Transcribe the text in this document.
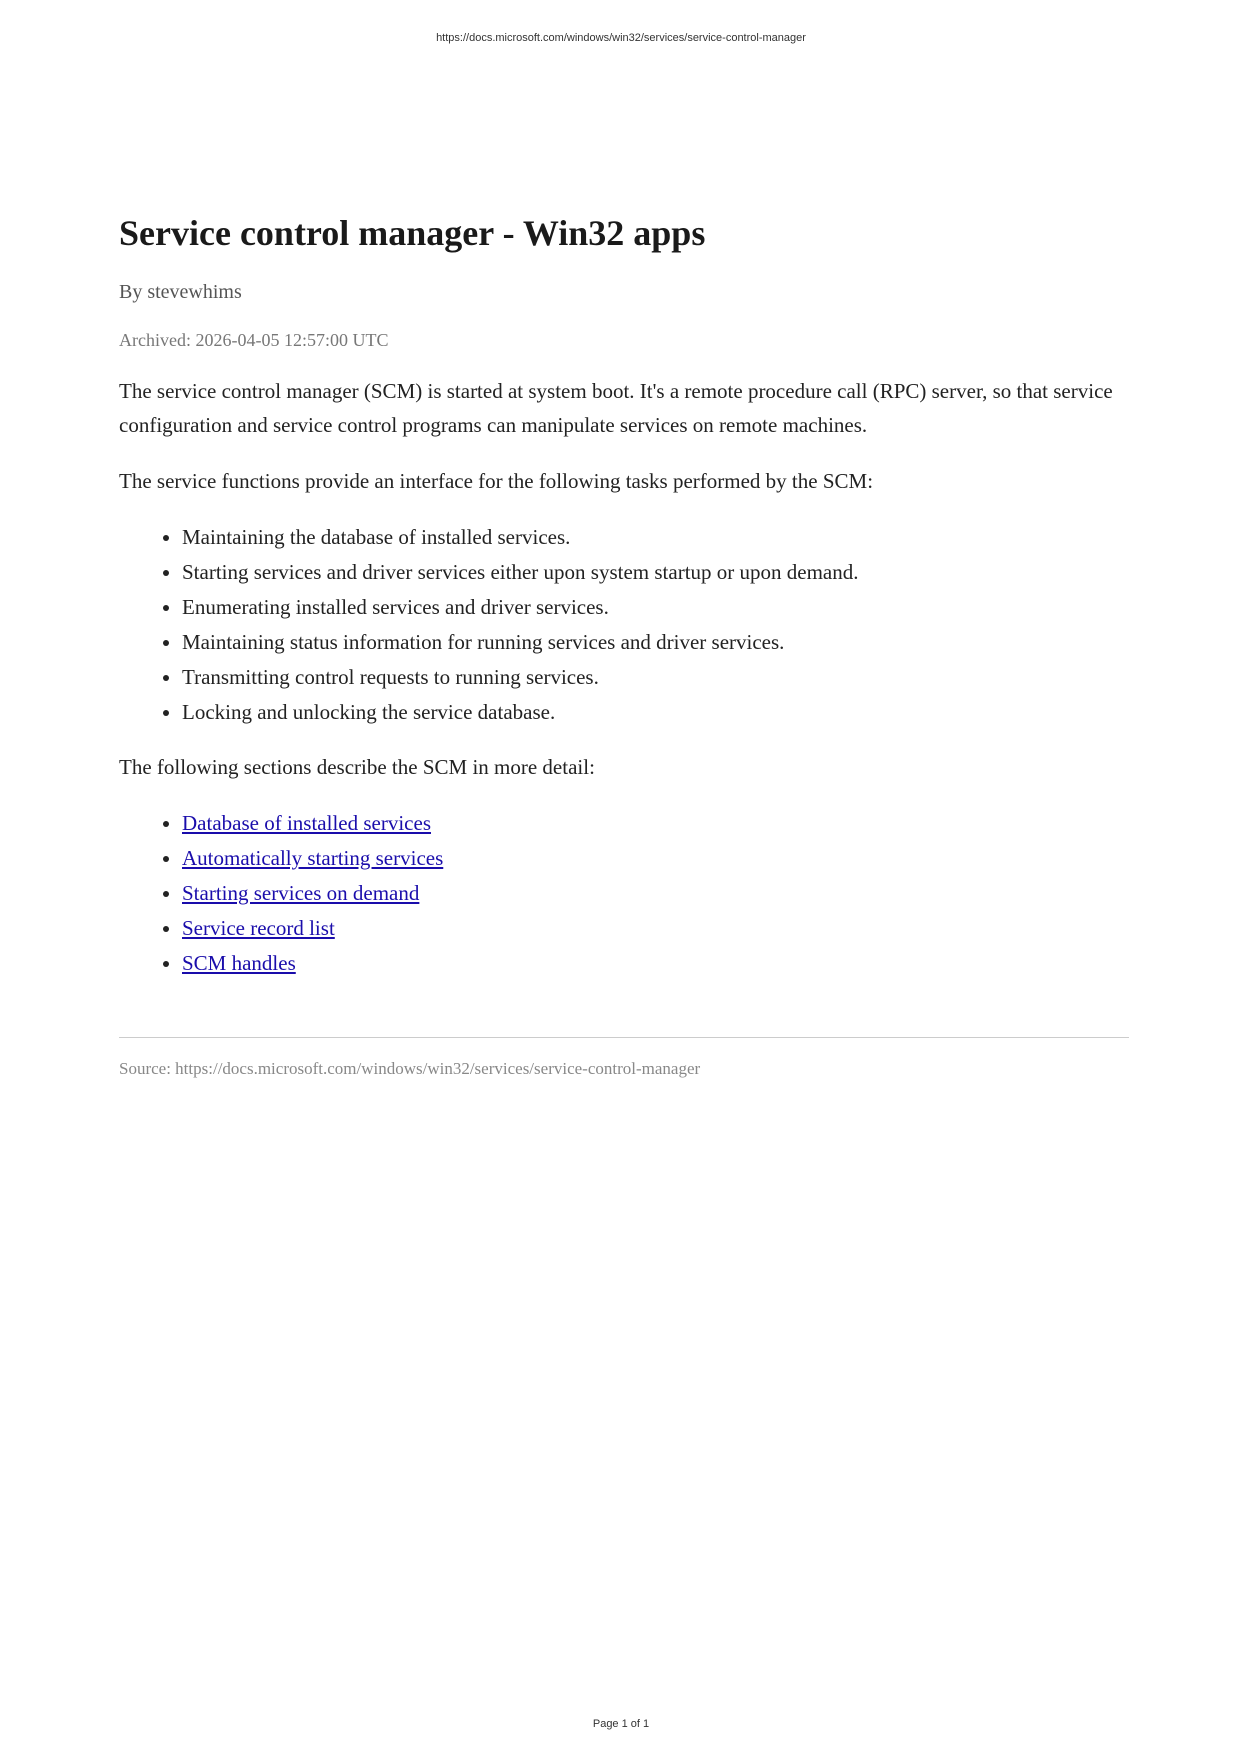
https://docs.microsoft.com/windows/win32/services/service-control-manager
Service control manager - Win32 apps
By stevewhims
Archived: 2026-04-05 12:57:00 UTC

The service control manager (SCM) is started at system boot. It's a remote procedure call (RPC) server, so that service configuration and service control programs can manipulate services on remote machines.

The service functions provide an interface for the following tasks performed by the SCM:

• Maintaining the database of installed services.
• Starting services and driver services either upon system startup or upon demand.
• Enumerating installed services and driver services.
• Maintaining status information for running services and driver services.
• Transmitting control requests to running services.
• Locking and unlocking the service database.

The following sections describe the SCM in more detail:

• Database of installed services
• Automatically starting services
• Starting services on demand
• Service record list
• SCM handles
Source: https://docs.microsoft.com/windows/win32/services/service-control-manager
Page 1 of 1
